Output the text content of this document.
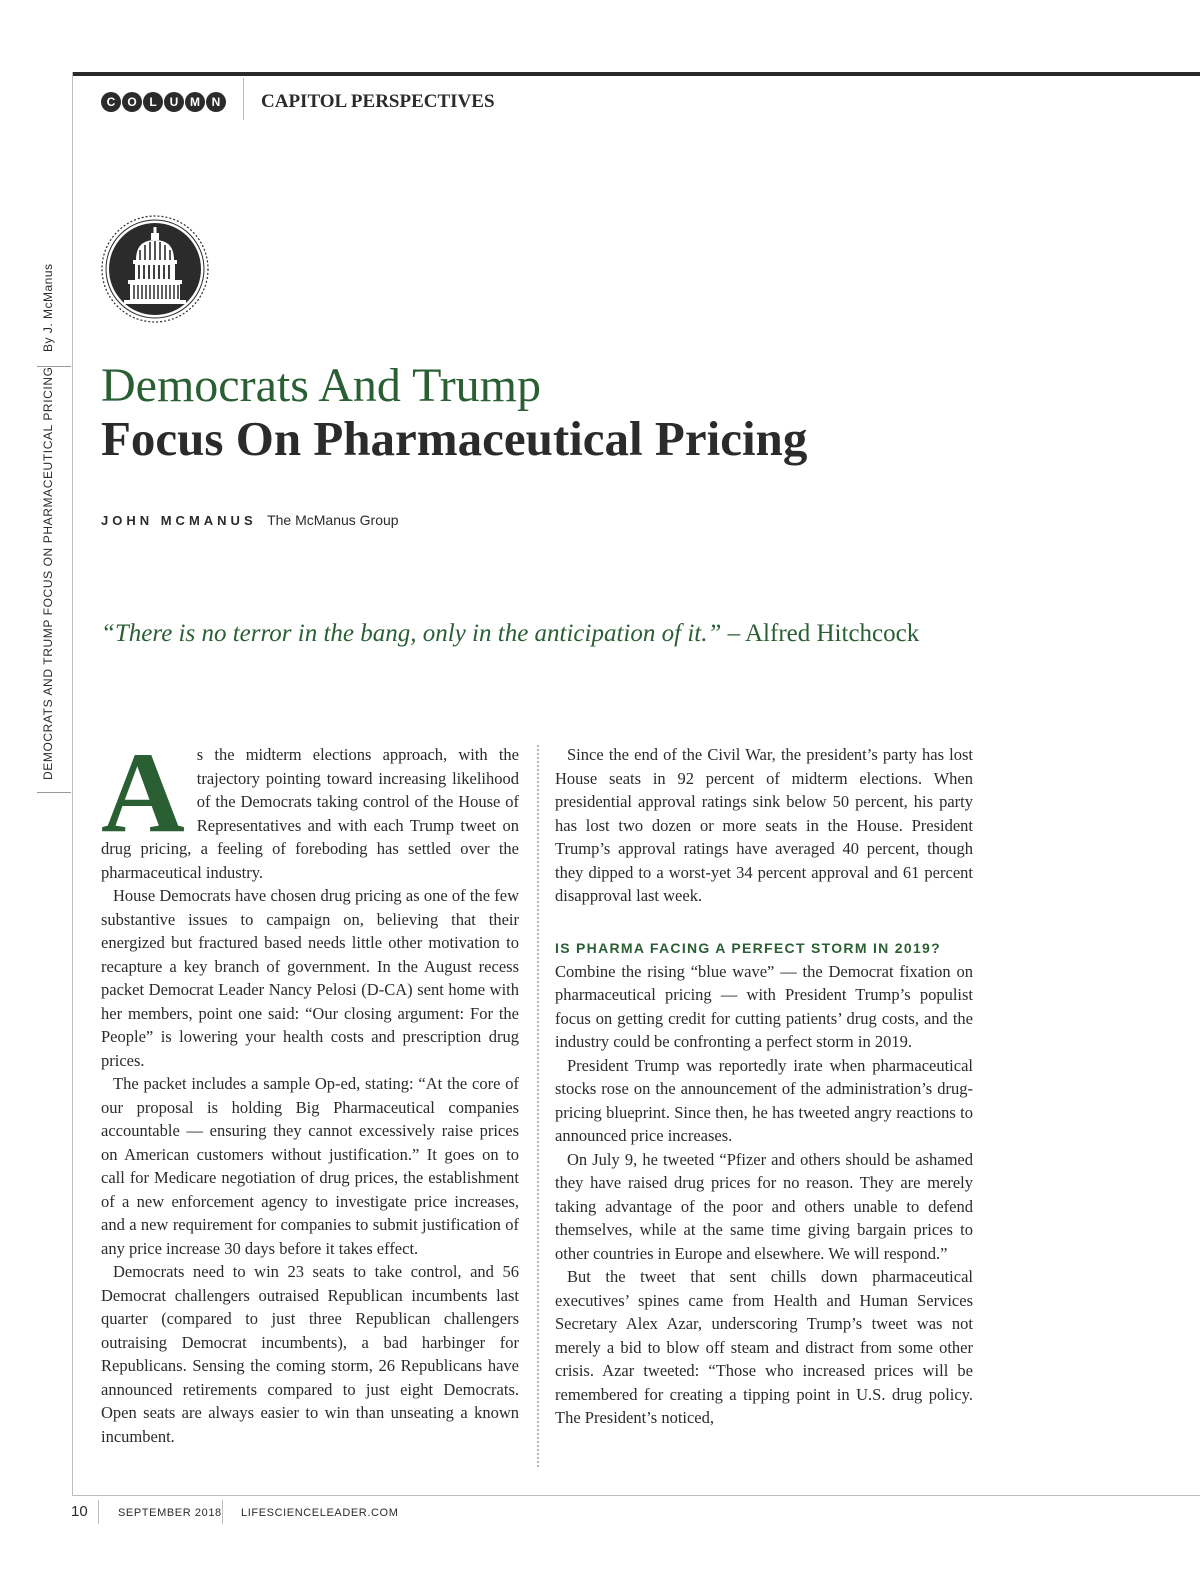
C	O	L	U M N CAPITOL PERSPECTIVES
By J. McManus
DEMOCRATS AND TRUMP FOCUS ON PHARMACEUTICAL PRICING Democrats And Trump
Focus On Pharmaceutical Pricing
JOHN MCMANUS The McManus Group
“There is no terror in the bang, only in the anticipation of it.” – Alfred Hitchcock

As the midterm elections approach, with the trajectory pointing toward increasing likelihood of the Democrats taking control of the House of Representatives and with each Trump tweet on drug pricing, a feeling of foreboding has settled over the pharmaceutical industry.

House Democrats have chosen drug pricing as one of the few substantive issues to campaign on, believing that their energized but fractured based needs little other motivation to recapture a key branch of government. In the August recess packet Democrat Leader Nancy Pelosi (D-CA) sent home with her members, point one said: “Our closing argument: For the People” is lowering your health costs and prescription drug prices.

The packet includes a sample Op-ed, stating: “At the core of our proposal is holding Big Pharmaceutical companies accountable — ensuring they cannot excessively raise prices on American customers without justification.” It goes on to call for Medicare negotiation of drug prices, the establishment of a new enforcement agency to investigate price increases, and a new requirement for companies to submit justification of any price increase 30 days before it takes effect.

Democrats need to win 23 seats to take control, and 56 Democrat challengers outraised Republican incumbents last quarter (compared to just three Republican challengers outraising Democrat incumbents), a bad harbinger for Republicans. Sensing the coming storm, 26 Republicans have announced retirements compared to just eight Democrats. Open seats are always easier to win than unseating a known incumbent.

Since the end of the Civil War, the president’s party has lost House seats in 92 percent of midterm elections. When presidential approval ratings sink below 50 percent, his party has lost two dozen or more seats in the House. President Trump’s approval ratings have averaged 40 percent, though they dipped to a worst-yet 34 percent approval and 61 percent disapproval last week.

IS PHARMA FACING A PERFECT STORM IN 2019?

Combine the rising “blue wave” — the Democrat fixation on pharmaceutical pricing — with President Trump’s populist focus on getting credit for cutting patients’ drug costs, and the industry could be confronting a perfect storm in 2019.

President Trump was reportedly irate when pharmaceutical stocks rose on the announcement of the administration’s drug-pricing blueprint. Since then, he has tweeted angry reactions to announced price increases.

On July 9, he tweeted “Pfizer and others should be ashamed they have raised drug prices for no reason. They are merely taking advantage of the poor and others unable to defend themselves, while at the same time giving bargain prices to other countries in Europe and elsewhere. We will respond.”

But the tweet that sent chills down pharmaceutical executives’ spines came from Health and Human Services Secretary Alex Azar, underscoring Trump’s tweet was not merely a bid to blow off steam and distract from some other crisis. Azar tweeted: “Those who increased prices will be remembered for creating a tipping point in U.S. drug policy. The President’s noticed,

10	SEPTEMBER 2018 LIFESCIENCELEADER.COM
